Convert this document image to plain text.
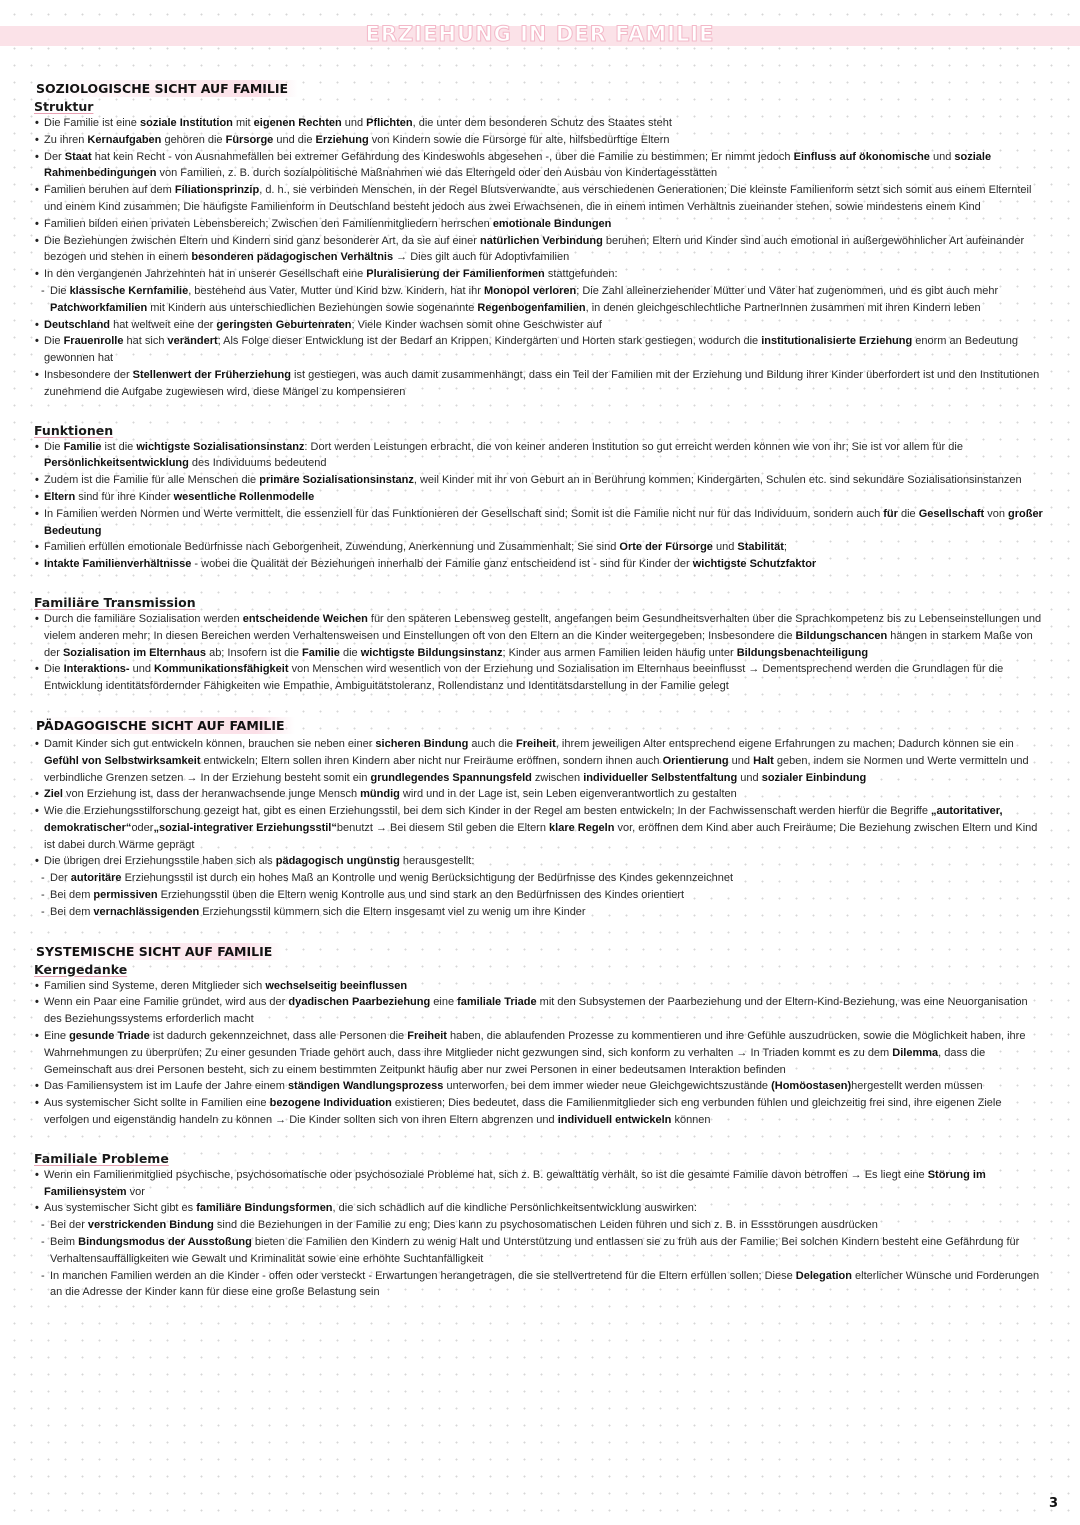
ERZIEHUNG IN DER FAMILIE
SOZIOLOGISCHE SICHT AUF FAMILIE
Struktur
• Die Familie ist eine soziale Institution mit eigenen Rechten und Pflichten, die unter dem besonderen Schutz des Staates steht
• Zu ihren Kernaufgaben gehören die Fürsorge und die Erziehung von Kindern sowie die Fürsorge für alte, hilfsbedürftige Eltern
• Der Staat hat kein Recht - von Ausnahmefällen bei extremer Gefährdung des Kindeswohls abgesehen -, über die Familie zu bestimmen; Er nimmt jedoch Einfluss auf ökonomische und soziale Rahmenbedingungen von Familien, z. B. durch sozialpolitische Maßnahmen wie das Elterngeld oder den Ausbau von Kindertagesstätten
• Familien beruhen auf dem Filiationsprinzip, d. h., sie verbinden Menschen, in der Regel Blutsverwandte, aus verschiedenen Generationen; Die kleinste Familienform setzt sich somit aus einem Elternteil und einem Kind zusammen; Die häufigste Familienform in Deutschland besteht jedoch aus zwei Erwachsenen, die in einem intimen Verhältnis zueinander stehen, sowie mindestens einem Kind
• Familien bilden einen privaten Lebensbereich; Zwischen den Familienmitgliedern herrschen emotionale Bindungen
• Die Beziehungen zwischen Eltern und Kindern sind ganz besonderer Art, da sie auf einer natürlichen Verbindung beruhen; Eltern und Kinder sind auch emotional in außergewöhnlicher Art aufeinander bezogen und stehen in einem besonderen pädagogischen Verhältnis → Dies gilt auch für Adoptivfamilien
• In den vergangenen Jahrzehnten hat in unserer Gesellschaft eine Pluralisierung der Familienformen stattgefunden:
- Die klassische Kernfamilie, bestehend aus Vater, Mutter und Kind bzw. Kindern, hat ihr Monopol verloren; Die Zahl alleinerziehender Mütter und Väter hat zugenommen, und es gibt auch mehr Patchworkfamilien mit Kindern aus unterschiedlichen Beziehungen sowie sogenannte Regenbogenfamilien, in denen gleichgeschlechtliche PartnerInnen zusammen mit ihren Kindern leben
• Deutschland hat weltweit eine der geringsten Geburtenraten; Viele Kinder wachsen somit ohne Geschwister auf
• Die Frauenrolle hat sich verändert; Als Folge dieser Entwicklung ist der Bedarf an Krippen, Kindergärten und Horten stark gestiegen, wodurch die institutionalisierte Erziehung enorm an Bedeutung gewonnen hat
• Insbesondere der Stellenwert der Früherziehung ist gestiegen, was auch damit zusammenhängt, dass ein Teil der Familien mit der Erziehung und Bildung ihrer Kinder überfordert ist und den Institutionen zunehmend die Aufgabe zugewiesen wird, diese Mängel zu kompensieren
Funktionen
• Die Familie ist die wichtigste Sozialisationsinstanz: Dort werden Leistungen erbracht, die von keiner anderen Institution so gut erreicht werden können wie von ihr; Sie ist vor allem für die Persönlichkeitsentwicklung des Individuums bedeutend
• Zudem ist die Familie für alle Menschen die primäre Sozialisationsinstanz, weil Kinder mit ihr von Geburt an in Berührung kommen; Kindergärten, Schulen etc. sind sekundäre Sozialisationsinstanzen
• Eltern sind für ihre Kinder wesentliche Rollenmodelle
• In Familien werden Normen und Werte vermittelt, die essenziell für das Funktionieren der Gesellschaft sind; Somit ist die Familie nicht nur für das Individuum, sondern auch für die Gesellschaft von großer Bedeutung
• Familien erfüllen emotionale Bedürfnisse nach Geborgenheit, Zuwendung, Anerkennung und Zusammenhalt; Sie sind Orte der Fürsorge und Stabilität;
• Intakte Familienverhältnisse - wobei die Qualität der Beziehungen innerhalb der Familie ganz entscheidend ist - sind für Kinder der wichtigste Schutzfaktor
Familiäre Transmission
• Durch die familiäre Sozialisation werden entscheidende Weichen für den späteren Lebensweg gestellt, angefangen beim Gesundheitsverhalten über die Sprachkompetenz bis zu Lebenseinstellungen und vielem anderen mehr; In diesen Bereichen werden Verhaltensweisen und Einstellungen oft von den Eltern an die Kinder weitergegeben; Insbesondere die Bildungschancen hängen in starkem Maße von der Sozialisation im Elternhaus ab; Insofern ist die Familie die wichtigste Bildungsinstanz; Kinder aus armen Familien leiden häufig unter Bildungsbenachteiligung
• Die Interaktions- und Kommunikationsfähigkeit von Menschen wird wesentlich von der Erziehung und Sozialisation im Elternhaus beeinflusst → Dementsprechend werden die Grundlagen für die Entwicklung identitätsfördernder Fähigkeiten wie Empathie, Ambiguitätstoleranz, Rollendistanz und Identitätsdarstellung in der Familie gelegt
PÄDAGOGISCHE SICHT AUF FAMILIE
• Damit Kinder sich gut entwickeln können, brauchen sie neben einer sicheren Bindung auch die Freiheit, ihrem jeweiligen Alter entsprechend eigene Erfahrungen zu machen; Dadurch können sie ein Gefühl von Selbstwirksamkeit entwickeln; Eltern sollen ihren Kindern aber nicht nur Freiräume eröffnen, sondern ihnen auch Orientierung und Halt geben, indem sie Normen und Werte vermitteln und verbindliche Grenzen setzen → In der Erziehung besteht somit ein grundlegendes Spannungsfeld zwischen individueller Selbstentfaltung und sozialer Einbindung
• Ziel von Erziehung ist, dass der heranwachsende junge Mensch mündig wird und in der Lage ist, sein Leben eigenverantwortlich zu gestalten
• Wie die Erziehungsstilforschung gezeigt hat, gibt es einen Erziehungsstil, bei dem sich Kinder in der Regel am besten entwickeln; In der Fachwissenschaft werden hierfür die Begriffe „autoritativer, demokratischer“oder„sozial-integrativer Erziehungsstil“benutzt → Bei diesem Stil geben die Eltern klare Regeln vor, eröffnen dem Kind aber auch Freiräume; Die Beziehung zwischen Eltern und Kind ist dabei durch Wärme geprägt
• Die übrigen drei Erziehungsstile haben sich als pädagogisch ungünstig herausgestellt:
- Der autoritäre Erziehungsstil ist durch ein hohes Maß an Kontrolle und wenig Berücksichtigung der Bedürfnisse des Kindes gekennzeichnet
- Bei dem permissiven Erziehungsstil üben die Eltern wenig Kontrolle aus und sind stark an den Bedürfnissen des Kindes orientiert
- Bei dem vernachlässigenden Erziehungsstil kümmern sich die Eltern insgesamt viel zu wenig um ihre Kinder
SYSTEMISCHE SICHT AUF FAMILIE
Kerngedanke
• Familien sind Systeme, deren Mitglieder sich wechselseitig beeinflussen
• Wenn ein Paar eine Familie gründet, wird aus der dyadischen Paarbeziehung eine familiale Triade mit den Subsystemen der Paarbeziehung und der Eltern-Kind-Beziehung, was eine Neuorganisation des Beziehungssystems erforderlich macht
• Eine gesunde Triade ist dadurch gekennzeichnet, dass alle Personen die Freiheit haben, die ablaufenden Prozesse zu kommentieren und ihre Gefühle auszudrücken, sowie die Möglichkeit haben, ihre Wahrnehmungen zu überprüfen; Zu einer gesunden Triade gehört auch, dass ihre Mitglieder nicht gezwungen sind, sich konform zu verhalten → In Triaden kommt es zu dem Dilemma, dass die Gemeinschaft aus drei Personen besteht, sich zu einem bestimmten Zeitpunkt häufig aber nur zwei Personen in einer bedeutsamen Interaktion befinden
• Das Familiensystem ist im Laufe der Jahre einem ständigen Wandlungsprozess unterworfen, bei dem immer wieder neue Gleichgewichtszustände (Homöostasen)hergestellt werden müssen
• Aus systemischer Sicht sollte in Familien eine bezogene Individuation existieren; Dies bedeutet, dass die Familienmitglieder sich eng verbunden fühlen und gleichzeitig frei sind, ihre eigenen Ziele verfolgen und eigenständig handeln zu können → Die Kinder sollten sich von ihren Eltern abgrenzen und individuell entwickeln können
Familiale Probleme
• Wenn ein Familienmitglied psychische, psychosomatische oder psychosoziale Probleme hat, sich z. B. gewalttätig verhält, so ist die gesamte Familie davon betroffen → Es liegt eine Störung im Familiensystem vor
• Aus systemischer Sicht gibt es familiäre Bindungsformen, die sich schädlich auf die kindliche Persönlichkeitsentwicklung auswirken:
- Bei der verstrickenden Bindung sind die Beziehungen in der Familie zu eng; Dies kann zu psychosomatischen Leiden führen und sich z. B. in Essstörungen ausdrücken
- Beim Bindungsmodus der Ausstoßung bieten die Familien den Kindern zu wenig Halt und Unterstützung und entlassen sie zu früh aus der Familie; Bei solchen Kindern besteht eine Gefährdung für Verhaltensauffälligkeiten wie Gewalt und Kriminalität sowie eine erhöhte Suchtanfälligkeit
- In manchen Familien werden an die Kinder - offen oder versteckt - Erwartungen herangetragen, die sie stellvertretend für die Eltern erfüllen sollen; Diese Delegation elterlicher Wünsche und Forderungen an die Adresse der Kinder kann für diese eine große Belastung sein
3
